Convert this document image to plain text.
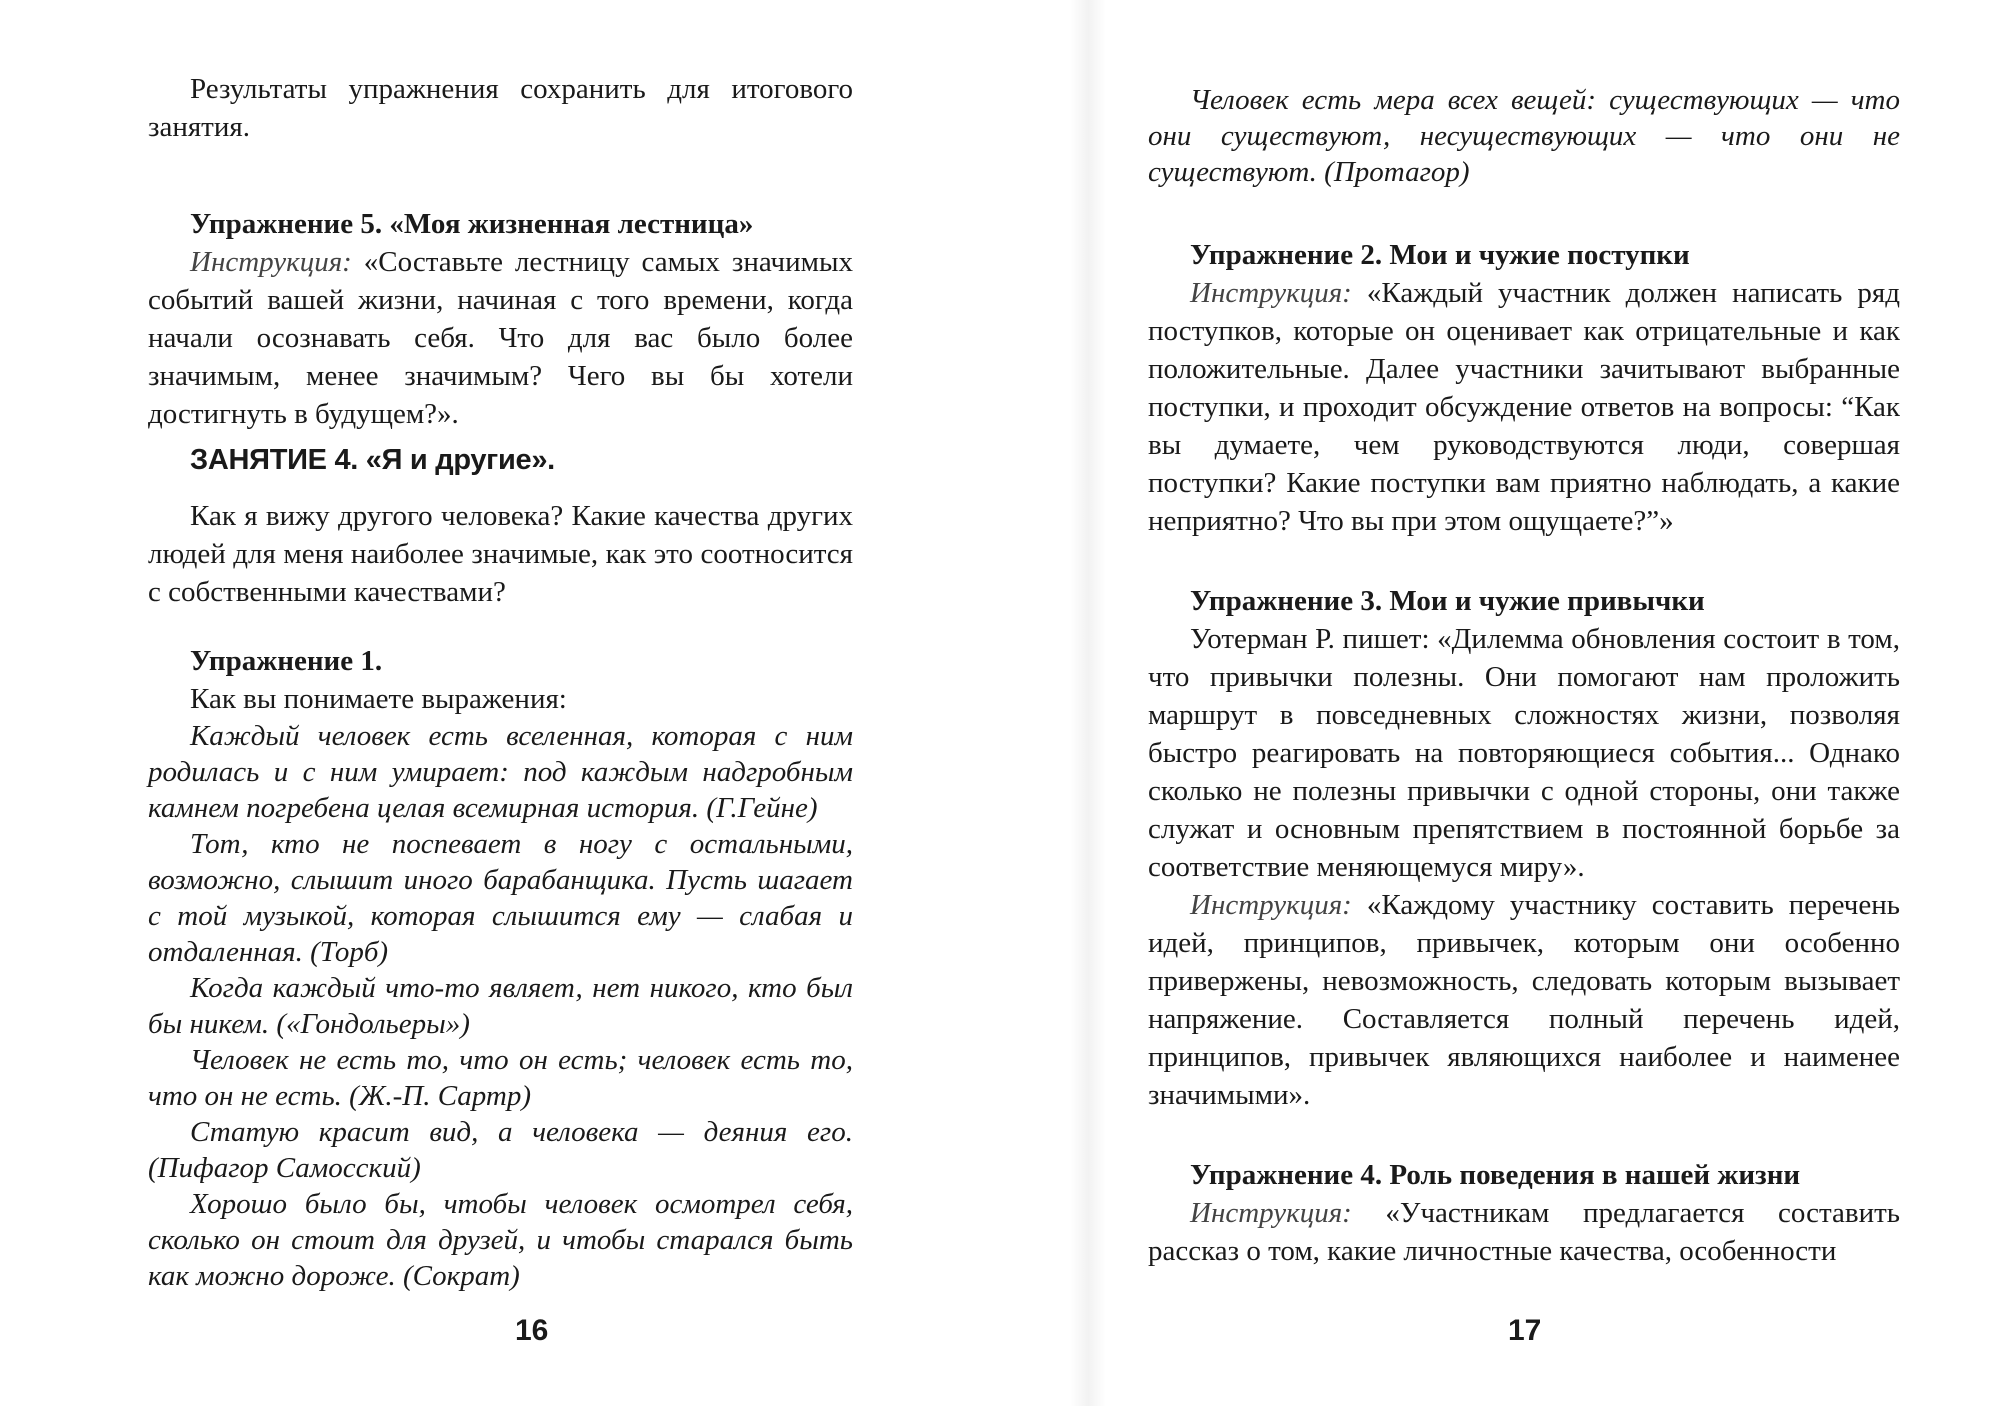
Результаты упражнения сохранить для итогового занятия.

Упражнение 5. «Моя жизненная лестница»

Инструкция: «Составьте лестницу самых значимых событий вашей жизни, начиная с того времени, когда начали осознавать себя. Что для вас было более значимым, менее значимым? Чего вы бы хотели достигнуть в будущем?».

ЗАНЯТИЕ 4. «Я и другие».

Как я вижу другого человека? Какие качества других людей для меня наиболее значимые, как это соотносится с собственными качествами?

Упражнение 1.

Как вы понимаете выражения:

Каждый человек есть вселенная, которая с ним родилась и с ним умирает: под каждым надгробным камнем погребена целая всемирная история. (Г.Гейне)

Тот, кто не поспевает в ногу с остальными, возможно, слышит иного барабанщика. Пусть шагает с той музыкой, которая слышится ему — слабая и отдаленная. (Торб)

Когда каждый что-то являет, нет никого, кто был бы никем. («Гондольеры»)

Человек не есть то, что он есть; человек есть то, что он не есть. (Ж.-П. Сартр)

Статую красит вид, а человека — деяния его. (Пифагор Самосский)

Хорошо было бы, чтобы человек осмотрел себя, сколько он стоит для друзей, и чтобы старался быть как можно дороже. (Сократ)

16

Человек есть мера всех вещей: существующих — что они существуют, несуществующих — что они не существуют. (Протагор)

Упражнение 2. Мои и чужие поступки

Инструкция: «Каждый участник должен написать ряд поступков, которые он оценивает как отрицательные и как положительные. Далее участники зачитывают выбранные поступки, и проходит обсуждение ответов на вопросы: “Как вы думаете, чем руководствуются люди, совершая поступки? Какие поступки вам приятно наблюдать, а какие неприятно? Что вы при этом ощущаете?”»

Упражнение 3. Мои и чужие привычки

Уотерман Р. пишет: «Дилемма обновления состоит в том, что привычки полезны. Они помогают нам проложить маршрут в повседневных сложностях жизни, позволяя быстро реагировать на повторяющиеся события... Однако сколько не полезны привычки с одной стороны, они также служат и основным препятствием в постоянной борьбе за соответствие меняющемуся миру».

Инструкция: «Каждому участнику составить перечень идей, принципов, привычек, которым они особенно привержены, невозможность, следовать которым вызывает напряжение. Составляется полный перечень идей, принципов, привычек являющихся наиболее и наименее значимыми».

Упражнение 4. Роль поведения в нашей жизни

Инструкция: «Участникам предлагается составить рассказ о том, какие личностные качества, особенности

17
